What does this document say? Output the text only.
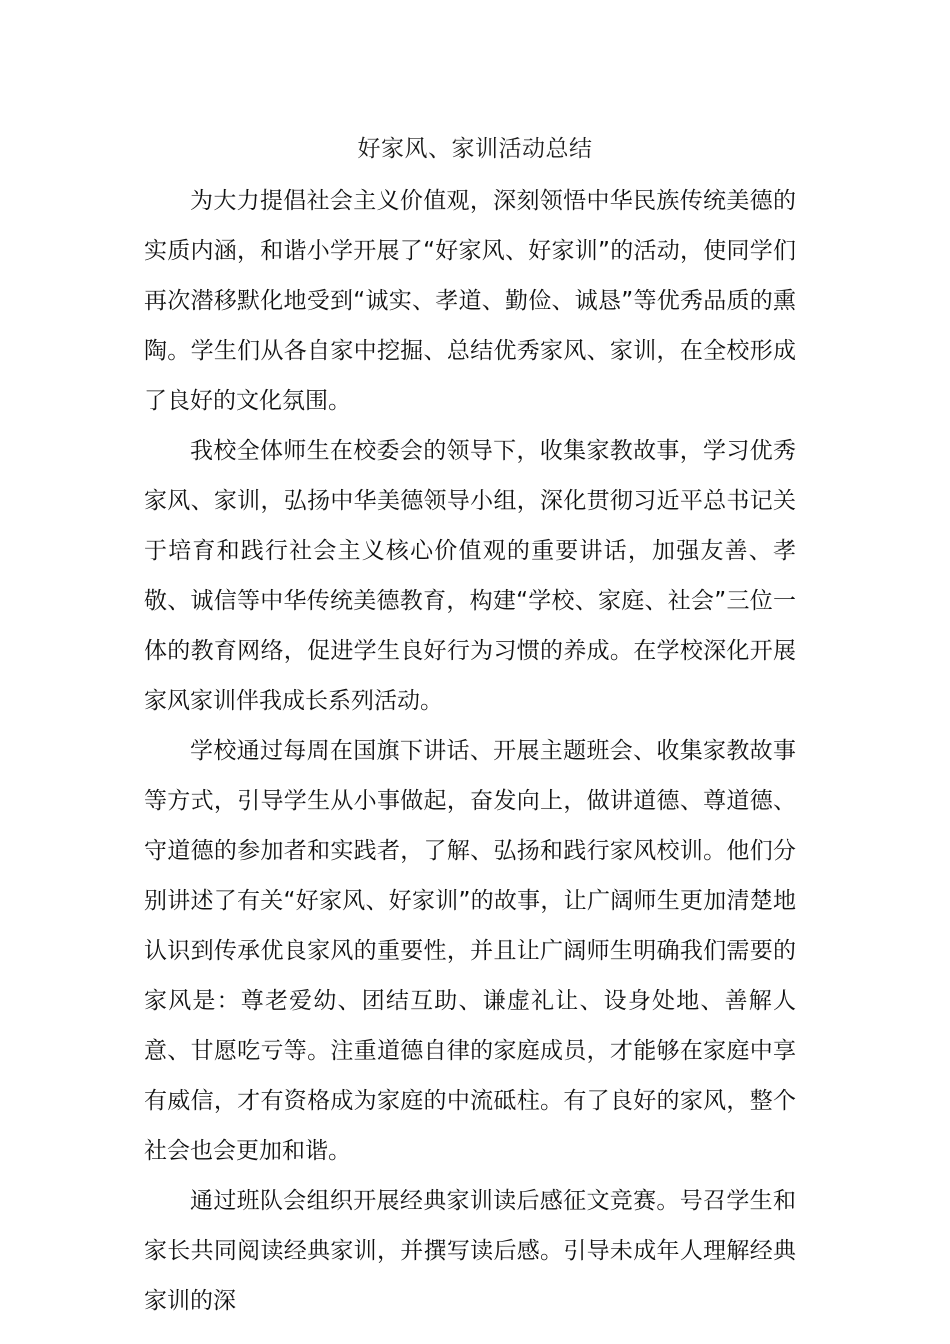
好家风、家训活动总结

为大力提倡社会主义价值观，深刻领悟中华民族传统美德的实质内涵，和谐小学开展了“好家风、好家训”的活动，使同学们再次潜移默化地受到“诚实、孝道、勤俭、诚恳”等优秀品质的熏陶。学生们从各自家中挖掘、总结优秀家风、家训，在全校形成了良好的文化氛围。

我校全体师生在校委会的领导下，收集家教故事，学习优秀家风、家训，弘扬中华美德领导小组，深化贯彻习近平总书记关于培育和践行社会主义核心价值观的重要讲话，加强友善、孝敬、诚信等中华传统美德教育，构建“学校、家庭、社会”三位一体的教育网络，促进学生良好行为习惯的养成。在学校深化开展家风家训伴我成长系列活动。

学校通过每周在国旗下讲话、开展主题班会、收集家教故事等方式，引导学生从小事做起，奋发向上，做讲道德、尊道德、守道德的参加者和实践者，了解、弘扬和践行家风校训。他们分别讲述了有关“好家风、好家训”的故事，让广阔师生更加清楚地认识到传承优良家风的重要性，并且让广阔师生明确我们需要的家风是：尊老爱幼、团结互助、谦虚礼让、设身处地、善解人意、甘愿吃亏等。注重道德自律的家庭成员，才能够在家庭中享有威信，才有资格成为家庭的中流砥柱。有了良好的家风，整个社会也会更加和谐。

通过班队会组织开展经典家训读后感征文竞赛。号召学生和家长共同阅读经典家训，并撰写读后感。引导未成年人理解经典家训的深
